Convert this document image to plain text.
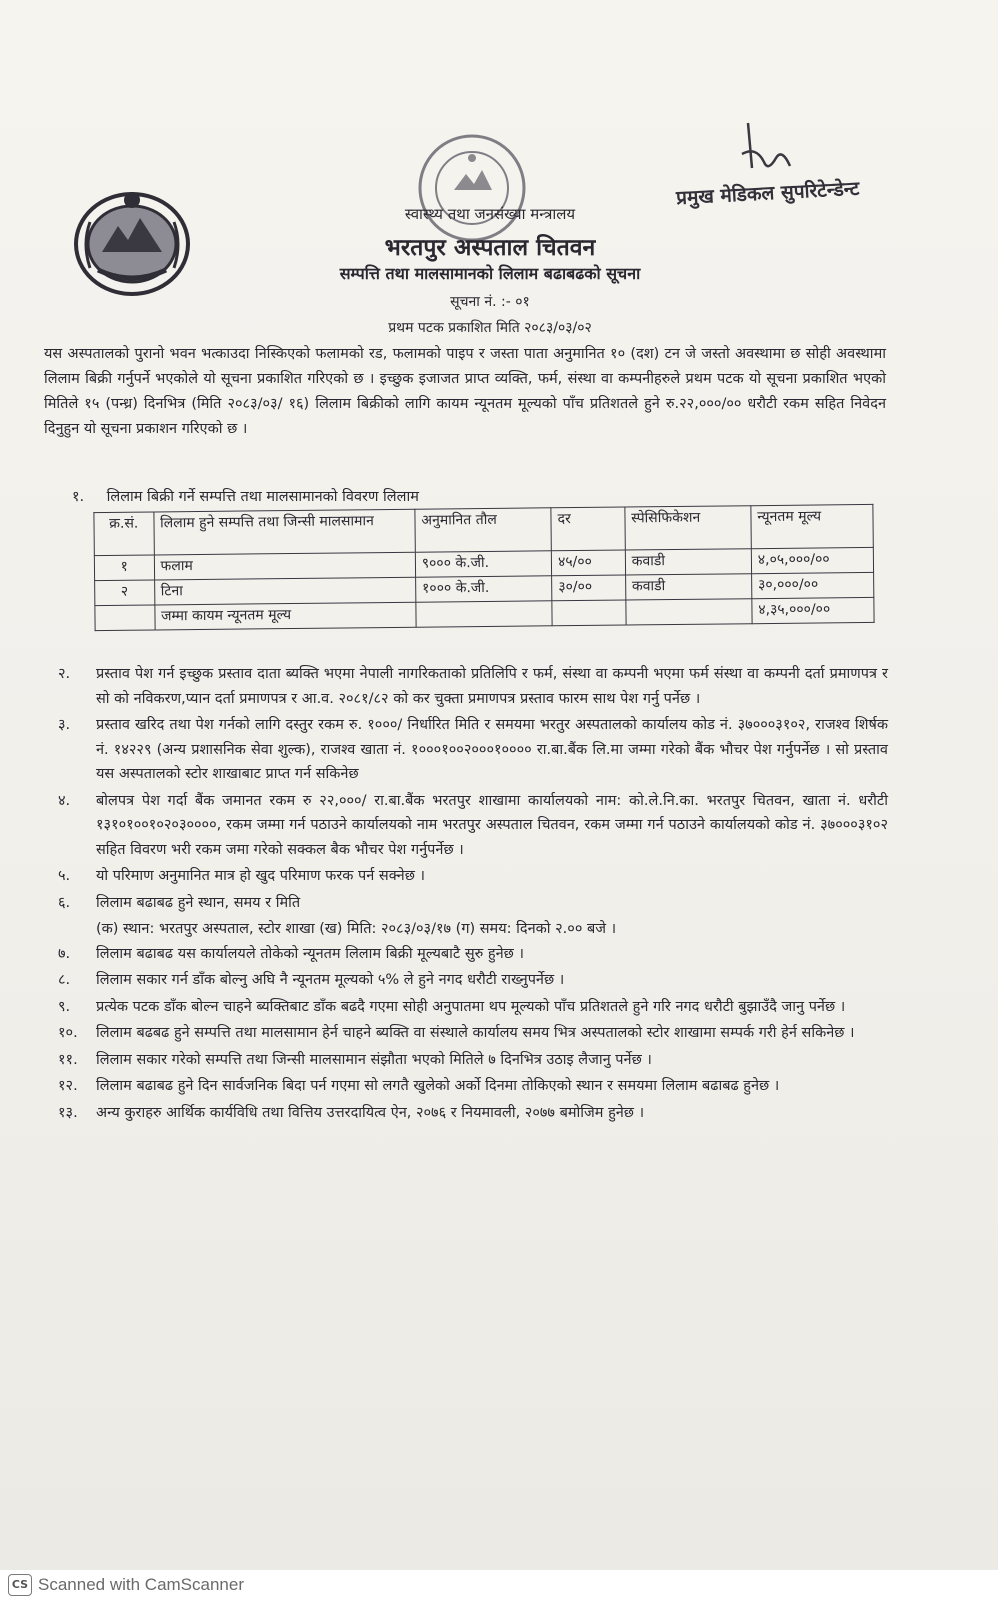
प्रमुख मेडिकल सुपरिटेन्डेन्ट
स्वास्थ्य तथा जनसंख्या मन्त्रालय
भरतपुर अस्पताल चितवन
सम्पत्ति तथा मालसामानको लिलाम बढाबढको सूचना
सूचना नं. :- ०१
प्रथम पटक प्रकाशित मिति २०८३/०३/०२
यस अस्पतालको पुरानो भवन भत्काउदा निस्किएको फलामको रड, फलामको पाइप र जस्ता पाता अनुमानित १० (दश) टन जे जस्तो अवस्थामा छ सोही अवस्थामा लिलाम बिक्री गर्नुपर्ने भएकोले यो सूचना प्रकाशित गरिएको छ । इच्छुक इजाजत प्राप्त व्यक्ति, फर्म, संस्था वा कम्पनीहरुले प्रथम पटक यो सूचना प्रकाशित भएको मितिले १५ (पन्ध्र) दिनभित्र (मिति २०८३/०३/ १६) लिलाम बिक्रीको लागि कायम न्यूनतम मूल्यको पाँच प्रतिशतले हुने रु.२२,०००/०० धरौटी रकम सहित निवेदन दिनुहुन यो सूचना प्रकाशन गरिएको छ ।
१. लिलाम बिक्री गर्ने सम्पत्ति तथा मालसामानको विवरण लिलाम
क्र.सं.	लिलाम हुने सम्पत्ति तथा जिन्सी मालसामान	अनुमानित तौल	दर	स्पेसिफिकेशन	न्यूनतम मूल्य
१	फलाम	९००० के.जी.	४५/००	कवाडी	४,०५,०००/००
२	टिना	१००० के.जी.	३०/००	कवाडी	३०,०००/००
	जम्मा कायम न्यूनतम मूल्य				४,३५,०००/००
२.	प्रस्ताव पेश गर्न इच्छुक प्रस्ताव दाता ब्यक्ति भएमा नेपाली नागरिकताको प्रतिलिपि र फर्म, संस्था वा कम्पनी भएमा फर्म संस्था वा कम्पनी दर्ता प्रमाणपत्र र सो को नविकरण,प्यान दर्ता प्रमाणपत्र र आ.व. २०८१/८२ को कर चुक्ता प्रमाणपत्र प्रस्ताव फारम साथ पेश गर्नु पर्नेछ ।
३.	प्रस्ताव खरिद तथा पेश गर्नको लागि दस्तुर रकम रु. १०००/ निर्धारित मिति र समयमा भरतुर अस्पतालको कार्यालय कोड नं. ३७०००३१०२, राजश्व शिर्षक नं. १४२२९ (अन्य प्रशासनिक सेवा शुल्क), राजश्व खाता नं. १०००१००२०००१०००० रा.बा.बैंक लि.मा जम्मा गरेको बैंक भौचर पेश गर्नुपर्नेछ । सो प्रस्ताव यस अस्पतालको स्टोर शाखाबाट प्राप्त गर्न सकिनेछ
४.	बोलपत्र पेश गर्दा बैंक जमानत रकम रु २२,०००/ रा.बा.बैंक भरतपुर शाखामा कार्यालयको नाम: को.ले.नि.का. भरतपुर चितवन, खाता नं. धरौटी १३१०१००१०२०३००००, रकम जम्मा गर्न पठाउने कार्यालयको नाम भरतपुर अस्पताल चितवन, रकम जम्मा गर्न पठाउने कार्यालयको कोड नं. ३७०००३१०२ सहित विवरण भरी रकम जमा गरेको सक्कल बैक भौचर पेश गर्नुपर्नेछ ।
५.	यो परिमाण अनुमानित मात्र हो खुद परिमाण फरक पर्न सक्नेछ ।
६.	लिलाम बढाबढ हुने स्थान, समय र मिति
(क) स्थान: भरतपुर अस्पताल, स्टोर शाखा (ख) मिति: २०८३/०३/१७ (ग) समय: दिनको २.०० बजे ।
७.	लिलाम बढाबढ यस कार्यालयले तोकेको न्यूनतम लिलाम बिक्री मूल्यबाटै सुरु हुनेछ ।
८.	लिलाम सकार गर्न डाँक बोल्नु अघि नै न्यूनतम मूल्यको ५% ले हुने नगद धरौटी राख्नुपर्नेछ ।
९.	प्रत्येक पटक डाँक बोल्न चाहने ब्यक्तिबाट डाँक बढदै गएमा सोही अनुपातमा थप मूल्यको पाँच प्रतिशतले हुने गरि नगद धरौटी बुझाउँदै जानु पर्नेछ ।
१०.	लिलाम बढबढ हुने सम्पत्ति तथा मालसामान हेर्न चाहने ब्यक्ति वा संस्थाले कार्यालय समय भित्र अस्पतालको स्टोर शाखामा सम्पर्क गरी हेर्न सकिनेछ ।
११.	लिलाम सकार गरेको सम्पत्ति तथा जिन्सी मालसामान संझौता भएको मितिले ७ दिनभित्र उठाइ लैजानु पर्नेछ ।
१२.	लिलाम बढाबढ हुने दिन सार्वजनिक बिदा पर्न गएमा सो लगतै खुलेको अर्को दिनमा तोकिएको स्थान र समयमा लिलाम बढाबढ हुनेछ ।
१३.	अन्य कुराहरु आर्थिक कार्यविधि तथा वित्तिय उत्तरदायित्व ऐन, २०७६ र नियमावली, २०७७ बमोजिम हुनेछ ।
CS Scanned with CamScanner
